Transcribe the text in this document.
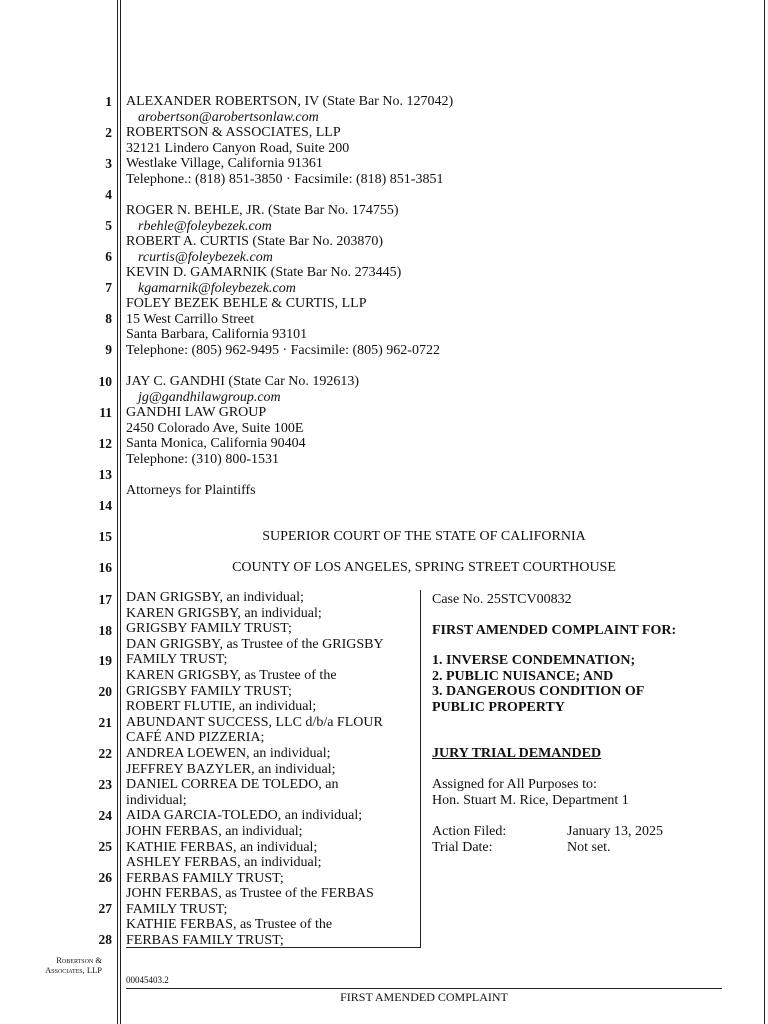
1
2
3
4
5
6
7
8
9
10
11
12
13
14
15
16
17
18
19
20
21
22
23
24
25
26
27
28
ALEXANDER ROBERTSON, IV (State Bar No. 127042)
arobertson@arobertsonlaw.com
ROBERTSON & ASSOCIATES, LLP
32121 Lindero Canyon Road, Suite 200
Westlake Village, California 91361
Telephone.: (818) 851-3850 · Facsimile: (818) 851-3851
ROGER N. BEHLE, JR. (State Bar No. 174755)
rbehle@foleybezek.com
ROBERT A. CURTIS (State Bar No. 203870)
rcurtis@foleybezek.com
KEVIN D. GAMARNIK (State Bar No. 273445)
kgamarnik@foleybezek.com
FOLEY BEZEK BEHLE & CURTIS, LLP
15 West Carrillo Street
Santa Barbara, California 93101
Telephone: (805) 962-9495 · Facsimile: (805) 962-0722
JAY C. GANDHI (State Car No. 192613)
jg@gandhilawgroup.com
GANDHI LAW GROUP
2450 Colorado Ave, Suite 100E
Santa Monica, California 90404
Telephone: (310) 800-1531
Attorneys for Plaintiffs
SUPERIOR COURT OF THE STATE OF CALIFORNIA
COUNTY OF LOS ANGELES, SPRING STREET COURTHOUSE
DAN GRIGSBY, an individual;
KAREN GRIGSBY, an individual;
GRIGSBY FAMILY TRUST;
DAN GRIGSBY, as Trustee of the GRIGSBY
FAMILY TRUST;
KAREN GRIGSBY, as Trustee of the
GRIGSBY FAMILY TRUST;
ROBERT FLUTIE, an individual;
ABUNDANT SUCCESS, LLC d/b/a FLOUR
CAFÉ AND PIZZERIA;
ANDREA LOEWEN, an individual;
JEFFREY BAZYLER, an individual;
DANIEL CORREA DE TOLEDO, an
individual;
AIDA GARCIA-TOLEDO, an individual;
JOHN FERBAS, an individual;
KATHIE FERBAS, an individual;
ASHLEY FERBAS, an individual;
FERBAS FAMILY TRUST;
JOHN FERBAS, as Trustee of the FERBAS
FAMILY TRUST;
KATHIE FERBAS, as Trustee of the
FERBAS FAMILY TRUST;
Case No. 25STCV00832
FIRST AMENDED COMPLAINT FOR:
1. INVERSE CONDEMNATION;
2. PUBLIC NUISANCE; AND
3. DANGEROUS CONDITION OF
PUBLIC PROPERTY
JURY TRIAL DEMANDED
Assigned for All Purposes to:
Hon. Stuart M. Rice, Department 1
Action Filed:	January 13, 2025
Trial Date:	Not set.
Robertson &
Associates, LLP
00045403.2
FIRST AMENDED COMPLAINT
